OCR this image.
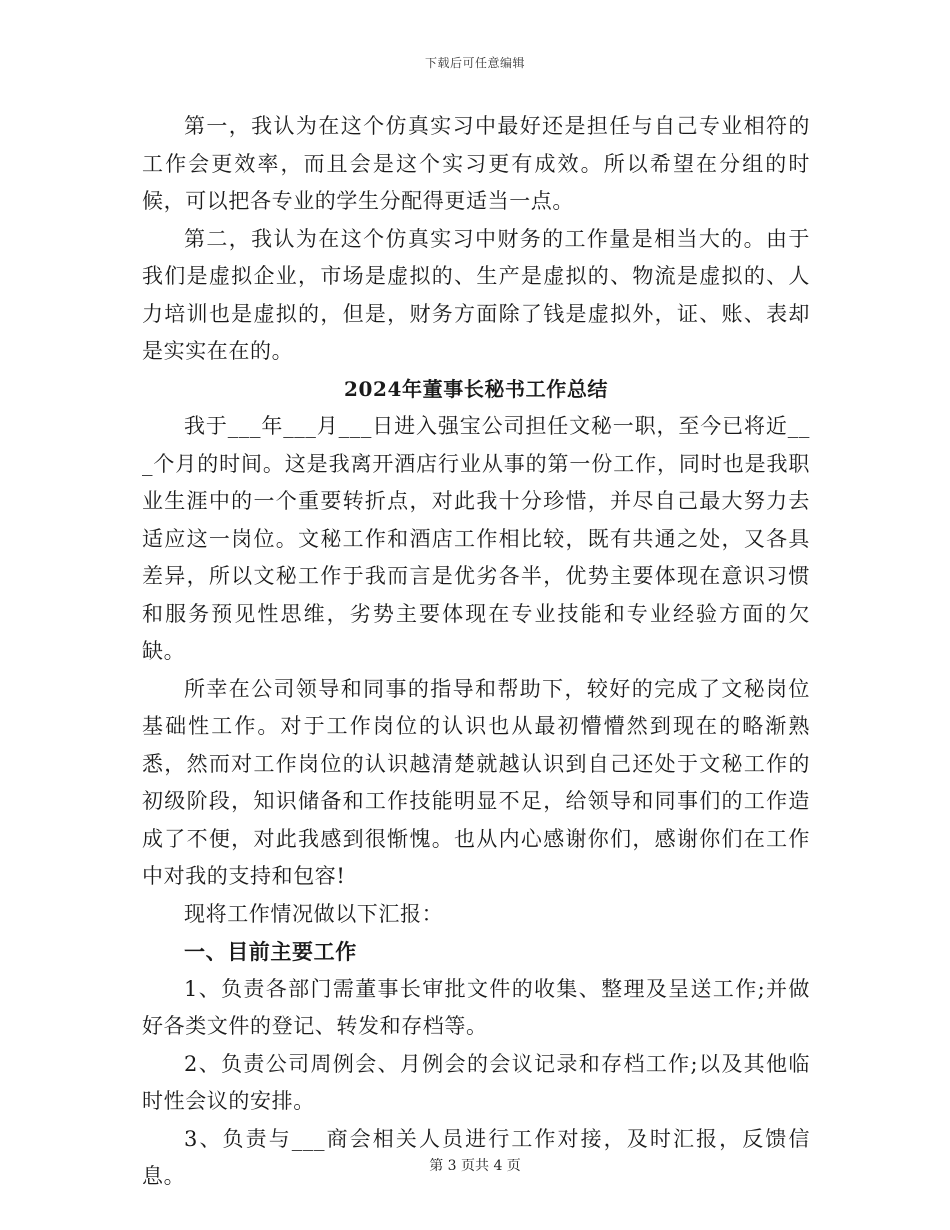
下载后可任意编辑

第一，我认为在这个仿真实习中最好还是担任与自己专业相符的工作会更效率，而且会是这个实习更有成效。所以希望在分组的时候，可以把各专业的学生分配得更适当一点。

第二，我认为在这个仿真实习中财务的工作量是相当大的。由于我们是虚拟企业，市场是虚拟的、生产是虚拟的、物流是虚拟的、人力培训也是虚拟的，但是，财务方面除了钱是虚拟外，证、账、表却是实实在在的。

2024年董事长秘书工作总结

我于___年___月___日进入强宝公司担任文秘一职，至今已将近___个月的时间。这是我离开酒店行业从事的第一份工作，同时也是我职业生涯中的一个重要转折点，对此我十分珍惜，并尽自己最大努力去适应这一岗位。文秘工作和酒店工作相比较，既有共通之处，又各具差异，所以文秘工作于我而言是优劣各半，优势主要体现在意识习惯和服务预见性思维，劣势主要体现在专业技能和专业经验方面的欠缺。

所幸在公司领导和同事的指导和帮助下，较好的完成了文秘岗位基础性工作。对于工作岗位的认识也从最初懵懵然到现在的略渐熟悉，然而对工作岗位的认识越清楚就越认识到自己还处于文秘工作的初级阶段，知识储备和工作技能明显不足，给领导和同事们的工作造成了不便，对此我感到很惭愧。也从内心感谢你们，感谢你们在工作中对我的支持和包容!

现将工作情况做以下汇报：

一、目前主要工作

1、负责各部门需董事长审批文件的收集、整理及呈送工作;并做好各类文件的登记、转发和存档等。

2、负责公司周例会、月例会的会议记录和存档工作;以及其他临时性会议的安排。

3、负责与___商会相关人员进行工作对接，及时汇报，反馈信息。	第 3 页共 4 页
